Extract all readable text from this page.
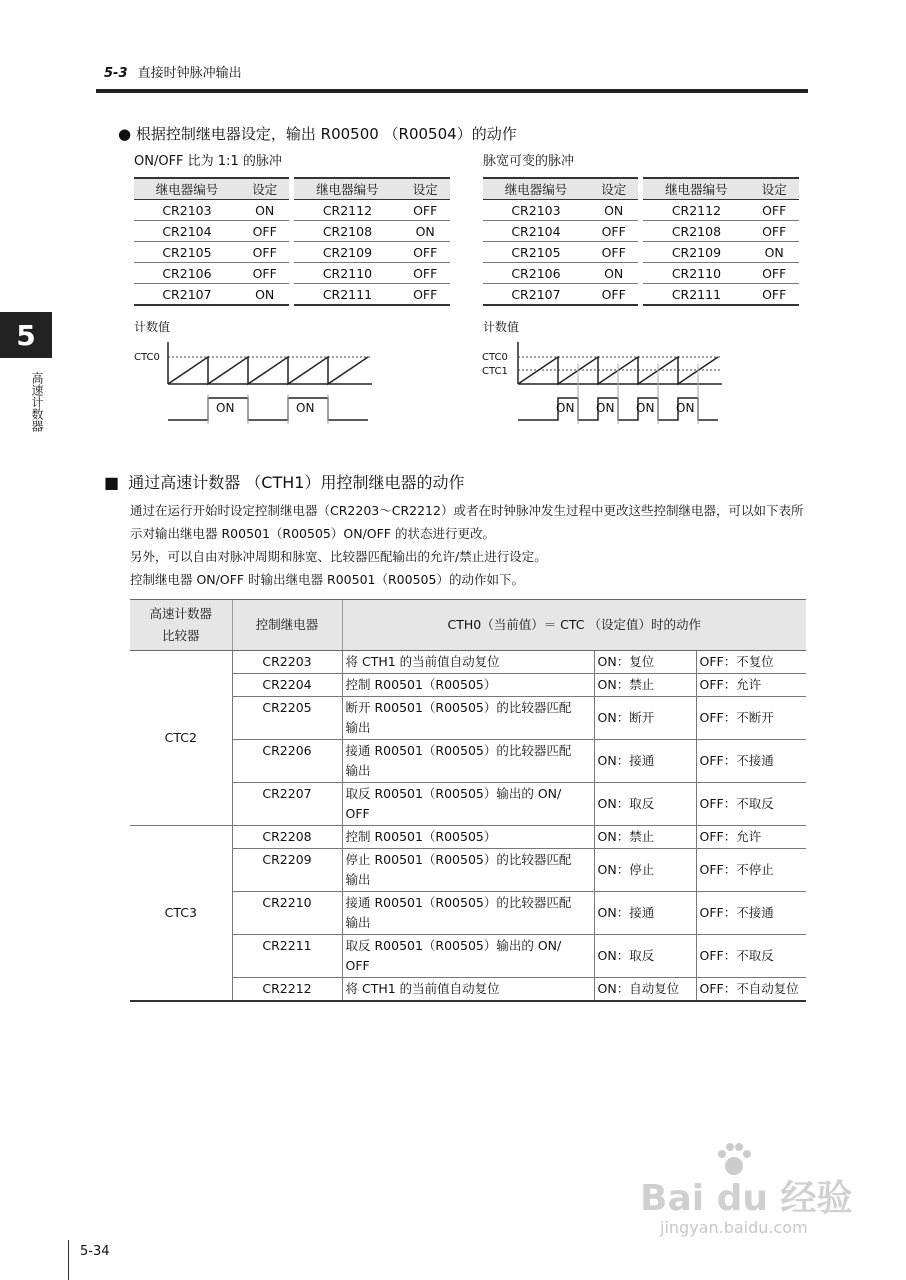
5-3 直接时钟脉冲输出
5
高速计数器
● 根据控制继电器设定，输出 R00500 （R00504）的动作
ON/OFF 比为 1:1 的脉冲	脉宽可变的脉冲
继电器编号	设定		继电器编号	设定
CR2103	ON		CR2112	OFF
CR2104	OFF		CR2108	ON
CR2105	OFF		CR2109	OFF
CR2106	OFF		CR2110	OFF
CR2107	ON		CR2111	OFF
继电器编号	设定		继电器编号	设定
CR2103	ON		CR2112	OFF
CR2104	OFF		CR2108	OFF
CR2105	OFF		CR2109	ON
CR2106	ON		CR2110	OFF
CR2107	OFF		CR2111	OFF
计数值
CTC0
ON	ON
计数值
CTC0
CTC1
ON ON ON ON
■ 通过高速计数器 （CTH1）用控制继电器的动作
通过在运行开始时设定控制继电器（CR2203～CR2212）或者在时钟脉冲发生过程中更改这些控制继电器，可以如下表所示对输出继电器 R00501（R00505）ON/OFF 的状态进行更改。
另外，可以自由对脉冲周期和脉宽、比较器匹配输出的允许/禁止进行设定。
控制继电器 ON/OFF 时输出继电器 R00501（R00505）的动作如下。
高速计数器
比较器	控制继电器	CTH0（当前值）＝ CTC （设定值）时的动作		
CTC2	CR2203	将 CTH1 的当前值自动复位	ON：复位	OFF：不复位
	CR2204	控制 R00501（R00505）	ON：禁止	OFF：允许
	CR2205	断开 R00501（R00505）的比较器匹配
输出	ON：断开	OFF：不断开
	CR2206	接通 R00501（R00505）的比较器匹配
输出	ON：接通	OFF：不接通
	CR2207	取反 R00501（R00505）输出的 ON/
OFF	ON：取反	OFF：不取反
CTC3	CR2208	控制 R00501（R00505）	ON：禁止	OFF：允许
	CR2209	停止 R00501（R00505）的比较器匹配
输出	ON：停止	OFF：不停止
	CR2210	接通 R00501（R00505）的比较器匹配
输出	ON：接通	OFF：不接通
	CR2211	取反 R00501（R00505）输出的 ON/
OFF	ON：取反	OFF：不取反
	CR2212	将 CTH1 的当前值自动复位	ON：自动复位	OFF：不自动复位
Bai du 经验
jingyan.baidu.com
5-34
